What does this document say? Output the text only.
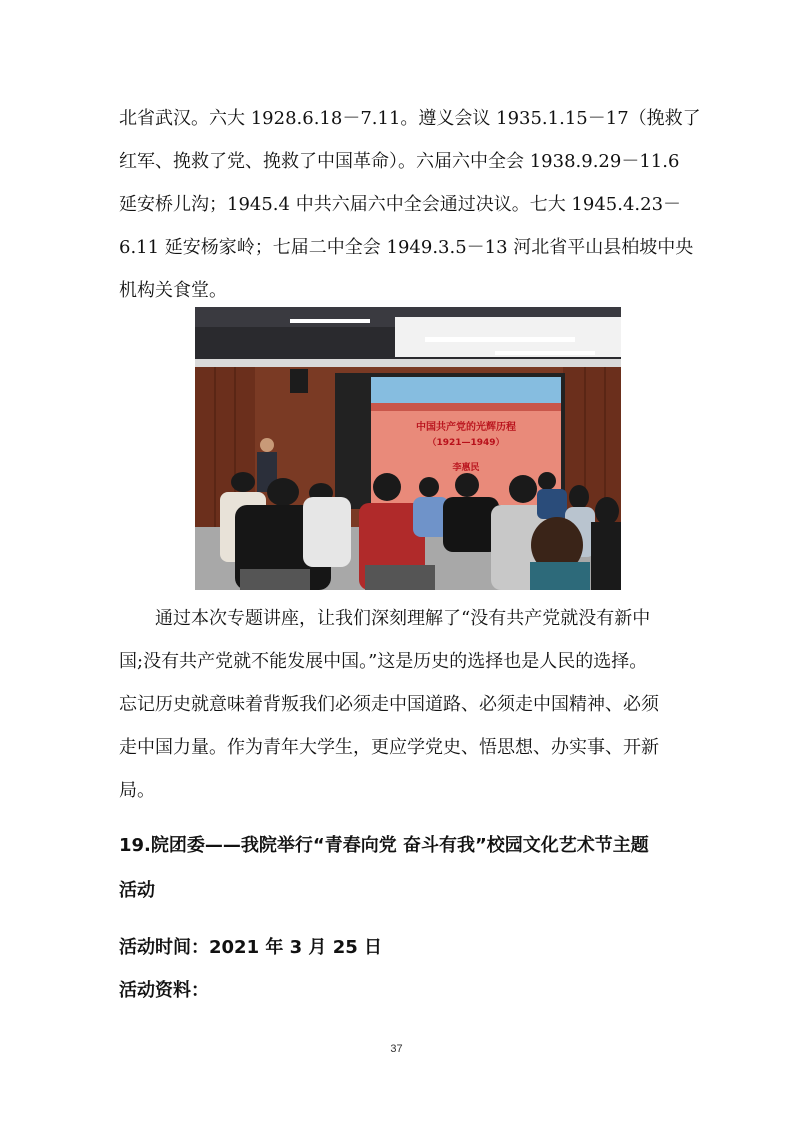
北省武汉。六大 1928.6.18－7.11。遵义会议 1935.1.15－17（挽救了
红军、挽救了党、挽救了中国革命）。六届六中全会 1938.9.29－11.6
延安桥儿沟；1945.4 中共六届六中全会通过决议。七大 1945.4.23－
6.11 延安杨家岭；七届二中全会 1949.3.5－13 河北省平山县柏坡中央
机构关食堂。
中国共产党的光辉历程
（1921—1949）
李惠民
通过本次专题讲座，让我们深刻理解了“没有共产党就没有新中
国;没有共产党就不能发展中国。”这是历史的选择也是人民的选择。
忘记历史就意味着背叛我们必须走中国道路、必须走中国精神、必须
走中国力量。作为青年大学生，更应学党史、悟思想、办实事、开新
局。
19.院团委——我院举行“青春向党 奋斗有我”校园文化艺术节主题
活动
活动时间：2021 年 3 月 25 日
活动资料：
37
